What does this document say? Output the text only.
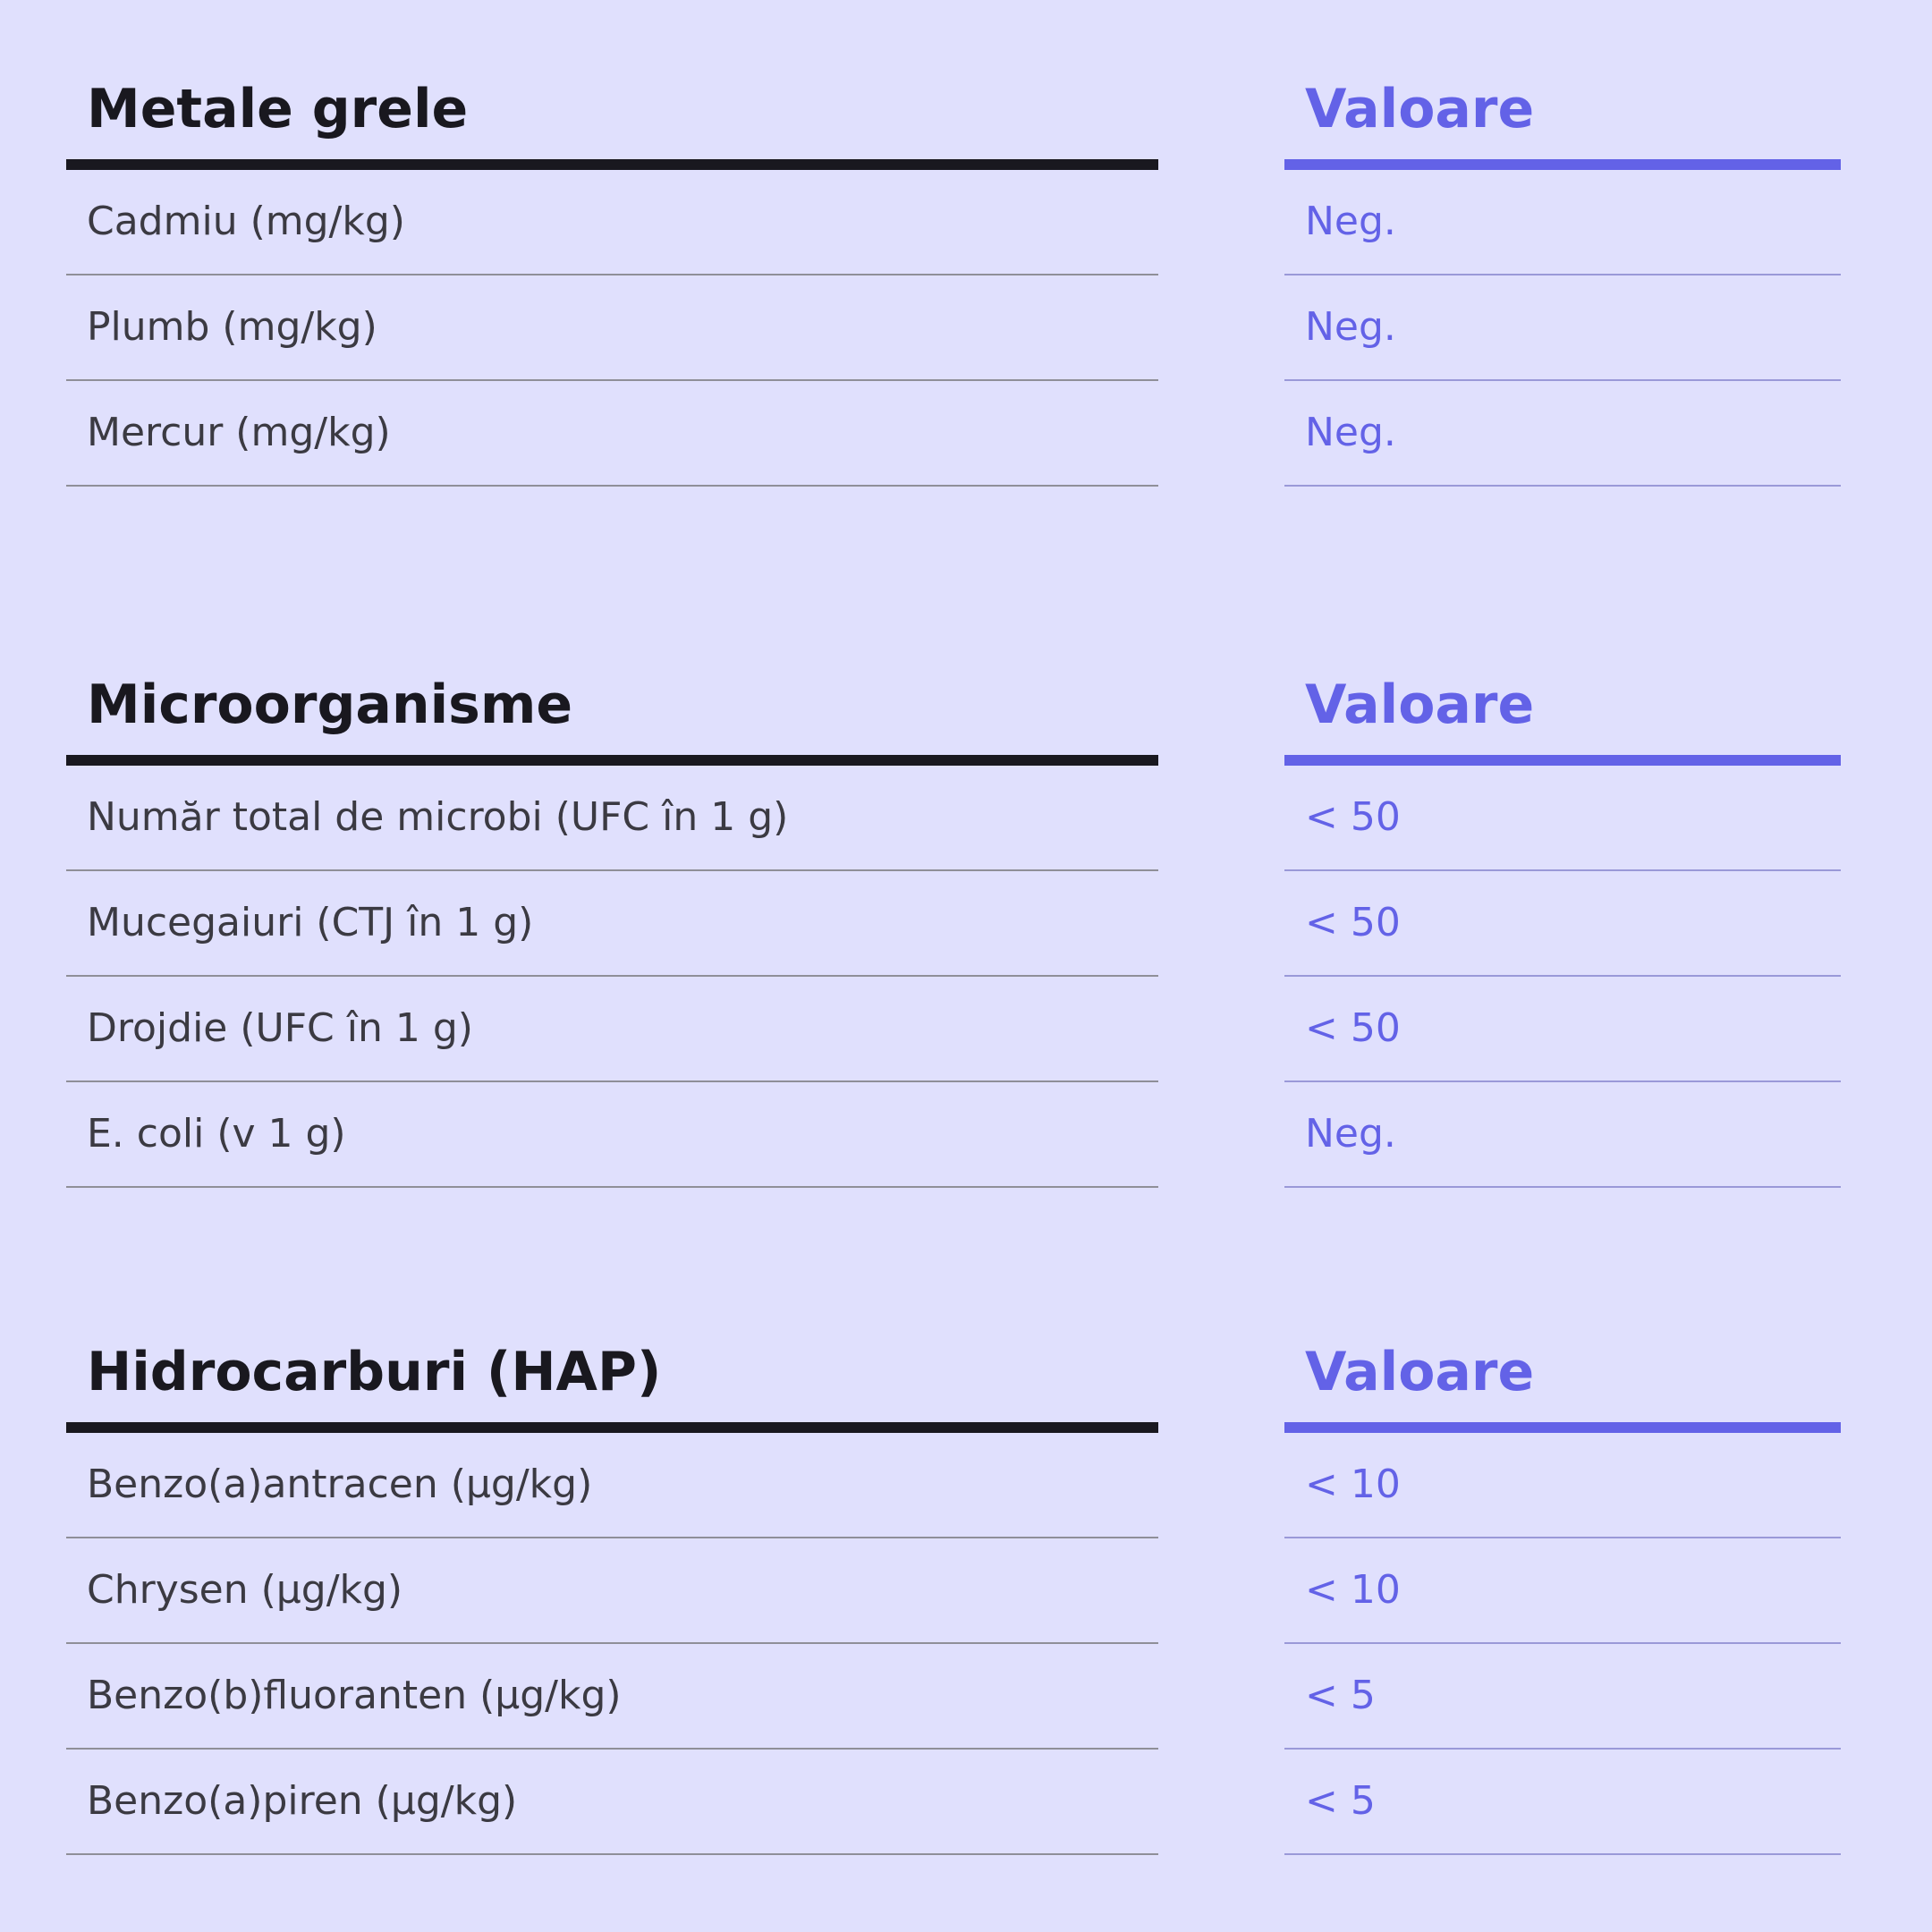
Metale grele
Cadmiu (mg/kg)
Plumb (mg/kg)
Mercur (mg/kg)
Valoare
Neg.
Neg.
Neg.
Microorganisme
Număr total de microbi (UFC în 1 g)
Mucegaiuri (CTJ în 1 g)
Drojdie (UFC în 1 g)
E. coli (v 1 g)
Valoare
< 50
< 50
< 50
Neg.
Hidrocarburi (HAP)
Benzo(a)antracen (µg/kg)
Chrysen (µg/kg)
Benzo(b)fluoranten (µg/kg)
Benzo(a)piren (µg/kg)
Valoare
< 10
< 10
< 5
< 5
